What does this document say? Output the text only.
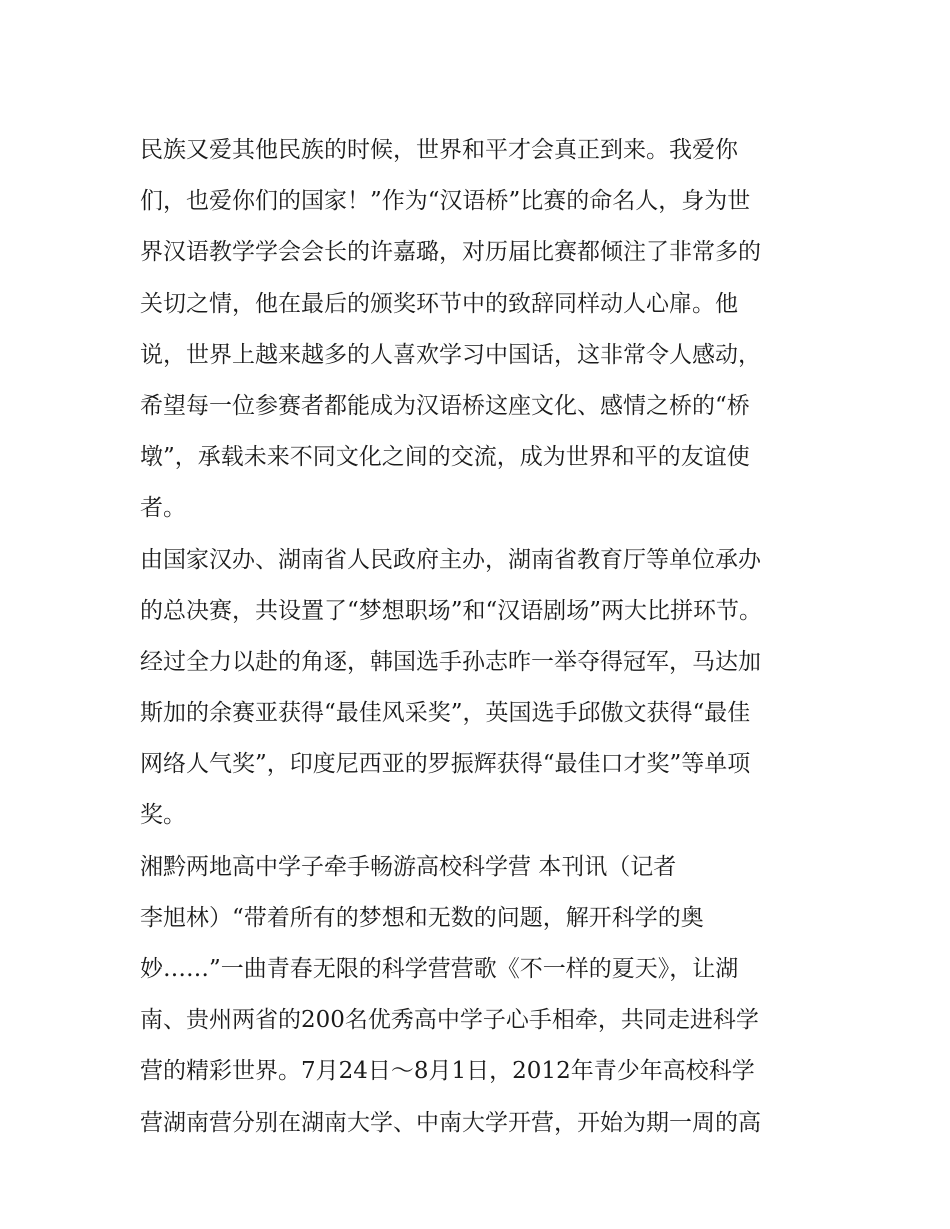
民族又爱其他民族的时候，世界和平才会真正到来。我爱你
们，也爱你们的国家！”作为“汉语桥”比赛的命名人，身为世
界汉语教学学会会长的许嘉璐，对历届比赛都倾注了非常多的
关切之情，他在最后的颁奖环节中的致辞同样动人心扉。他
说，世界上越来越多的人喜欢学习中国话，这非常令人感动，
希望每一位参赛者都能成为汉语桥这座文化、感情之桥的“桥
墩”，承载未来不同文化之间的交流，成为世界和平的友谊使
者。
由国家汉办、湖南省人民政府主办，湖南省教育厅等单位承办
的总决赛，共设置了“梦想职场”和“汉语剧场”两大比拼环节。
经过全力以赴的角逐，韩国选手孙志昨一举夺得冠军，马达加
斯加的余赛亚获得“最佳风采奖”，英国选手邱傲文获得“最佳
网络人气奖”，印度尼西亚的罗振辉获得“最佳口才奖”等单项
奖。
湘黔两地高中学子牵手畅游高校科学营 本刊讯（记者
李旭林）“带着所有的梦想和无数的问题，解开科学的奥
妙……”一曲青春无限的科学营营歌《不一样的夏天》，让湖
南、贵州两省的200名优秀高中学子心手相牵，共同走进科学
营的精彩世界。7月24日～8月1日，2012年青少年高校科学
营湖南营分别在湖南大学、中南大学开营，开始为期一周的高
